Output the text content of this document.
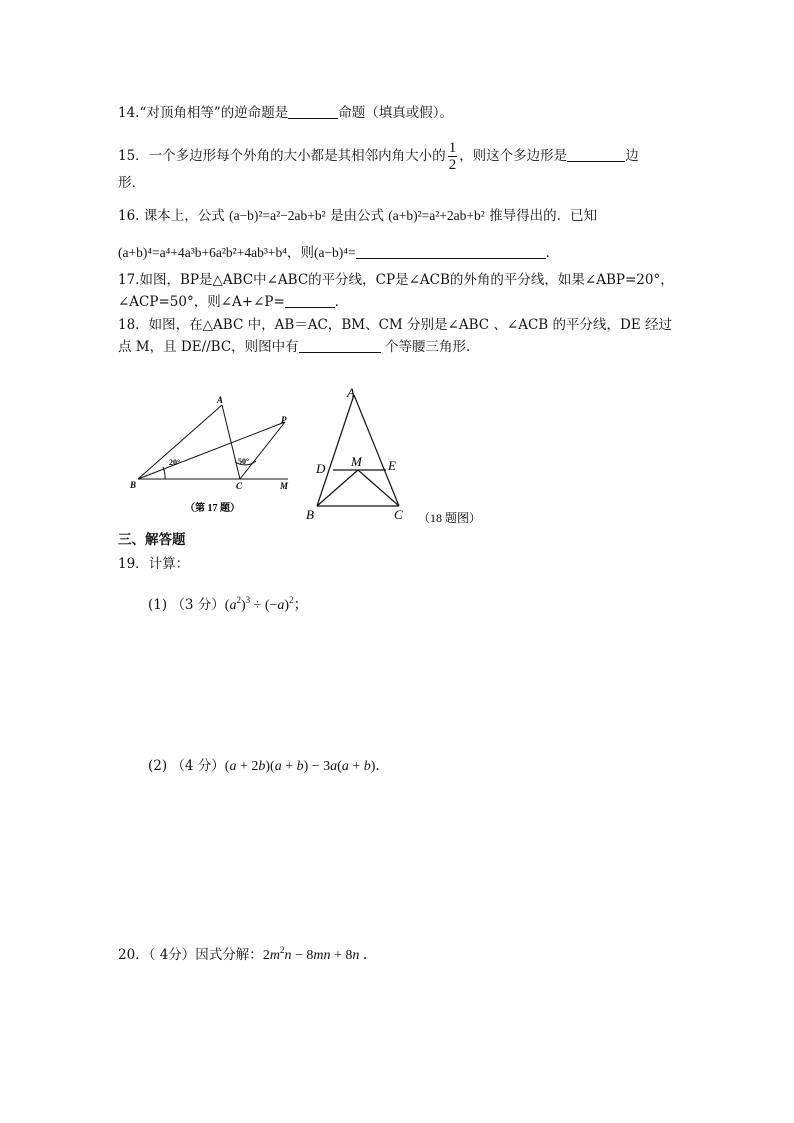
14.“对顶角相等”的逆命题是	命题（填真或假）。
15．一个多边形每个外角的大小都是其相邻内角大小的 $\frac{1}{2}$ ，则这个多边形是	边
形．
16. 课本上，公式 (a−b)²=a²−2ab+b² 是由公式 (a+b)²=a²+2ab+b² 推导得出的．已知
(a+b)⁴=a⁴+4a³b+6a²b²+4ab³+b⁴，则(a−b)⁴=	．
17.如图，BP是△ABC中∠ABC的平分线，CP是∠ACB的外角的平分线，如果∠ABP=20°，
∠ACP=50°，则∠A+∠P=	．
18．如图，在△ABC 中，AB＝AC，BM、CM 分别是∠ABC 、∠ACB 的平分线，DE 经过
点 M，且 DE//BC，则图中有	个等腰三角形．
A
P
B	C	M
20°	50°
（第 17 题）
A
D M E
B	C （18 题图）
三、解答题
19．计算：
(1) （3 分）$(a^2)^3 \div (-a)^2$；
(2) （4 分）(a + 2b)(a + b) − 3a(a + b)．
20．（ 4分）因式分解：$2m^2n - 8mn + 8n$ ．
